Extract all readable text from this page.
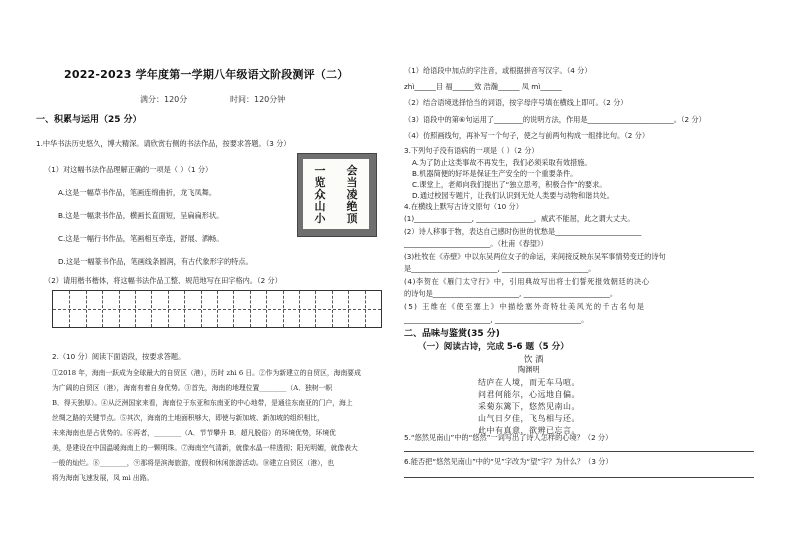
2022-2023 学年度第一学期八年级语文阶段测评（二）
满分：120分	时间：120分钟
一、积累与运用（25 分）
1.中华书法历史悠久，博大精深。请欣赏右侧的书法作品，按要求答题。（3 分）
（1）对这幅书法作品理解正确的一项是（ ）（1 分）
A.这是一幅草书作品，笔画连绵曲折，龙飞凤舞。
B.这是一幅隶书作品，横画长直面短，呈扁扁形状。
C.这是一幅行书作品，笔画相互牵连，舒展、洒畅。
D.这是一幅篆书作品，笔画线条圆润，有古代象形字的特点。
会当凌绝顶
一览众山小
（2）请用楷书楷体，将这幅书法作品工整、规范地写在田字格内。（2 分）
2.（10 分）阅读下面语段，按要求答题。
①2018 年，海南一跃成为全球最大的自贸区（港），历时 zhì 6 日。②作为新建立的自贸区，海南要成
为广阔的自贸区（港），海南有着自身优势。③首先，海南的地理位置________（A．独树一帜
B．得天独厚）。④从泛洲国家来看，海南位于东亚和东南亚的中心地带，是通往东南亚的门户，海上
丝绸之路的关键节点。⑤其次，海南的土地面积够大，即使与新加坡、新加坡的组织相比，
未来海南也是占优势的。⑥再者，________（A．节节攀升 B．超凡脱俗）的环境优势，环境优
美，是建设在中国温暖海南上的一颗明珠。⑦海南空气清新，就像水晶一样透彻；阳光明媚，就像表大
一般的灿烂。⑧________，⑨那将是滨海旅游，度假和休闲旅游活动。⑩建立自贸区（港），也
将为海南飞速发展，凤 mì 出路。
（1）给语段中加点的字注音，或根据拼音写汉字。（4 分）
zhì______目 福______效 浩瀚______ 凤 mì______
（2）结合语境选择恰当的词语，按字母序号填在横线上即可。（2 分）
（3）语段中的第⑥句运用了________的说明方法，作用是________________________。（2 分）
（4）仿照画线句，再补写一个句子，使之与前两句构成一组排比句。（2 分）
3.下列句子没有语病的一项是（ ）（2 分）
A.为了防止这类事故不再发生，我们必须采取有效措施。
B.机器简便的好坏是保证生产安全的一个重要条件。
C.课堂上，老师向我们提出了“独立思考，积极合作”的要求。
D.通过校园专题片，让我们认识到无处人类要与动物和谐共处。
4.在横线上默写古诗文原句（10 分）
(1)________________, ________________，威武不能屈，此之谓大丈夫。
(2）诗人移事于物，表达自己感时伤世的忧愁是________________________
________________________。（杜甫《春望》）
(3)杜牧在《赤壁》中以东吴两位女子的命运，来间接反映东吴军事情势变迁的诗句
是________________________, ________________________。
(4)李贺在《雁门太守行》中，引用典故写出将士们誓死报效朝廷的决心
的诗句是________________________, ________________________。
(5) 王维在《使至塞上》中描绘塞外奇特壮美风光的千古名句是
________________________, ________________________。
二、品味与鉴赏(35 分)
（一）阅读古诗，完成 5-6 题（5 分）
饮 酒
陶渊明
结庐在人境，而无车马喧。
问君何能尔，心远地自偏。
采菊东篱下，悠然见南山。
山气日夕佳，飞鸟相与还。
此中有真意，欲辨已忘言。
5.“悠然见南山”中的“悠然”一词写出了诗人怎样的心境？（2 分）
6.能否把“悠然见南山”中的“见”字改为“望”字？为什么？（3 分）
